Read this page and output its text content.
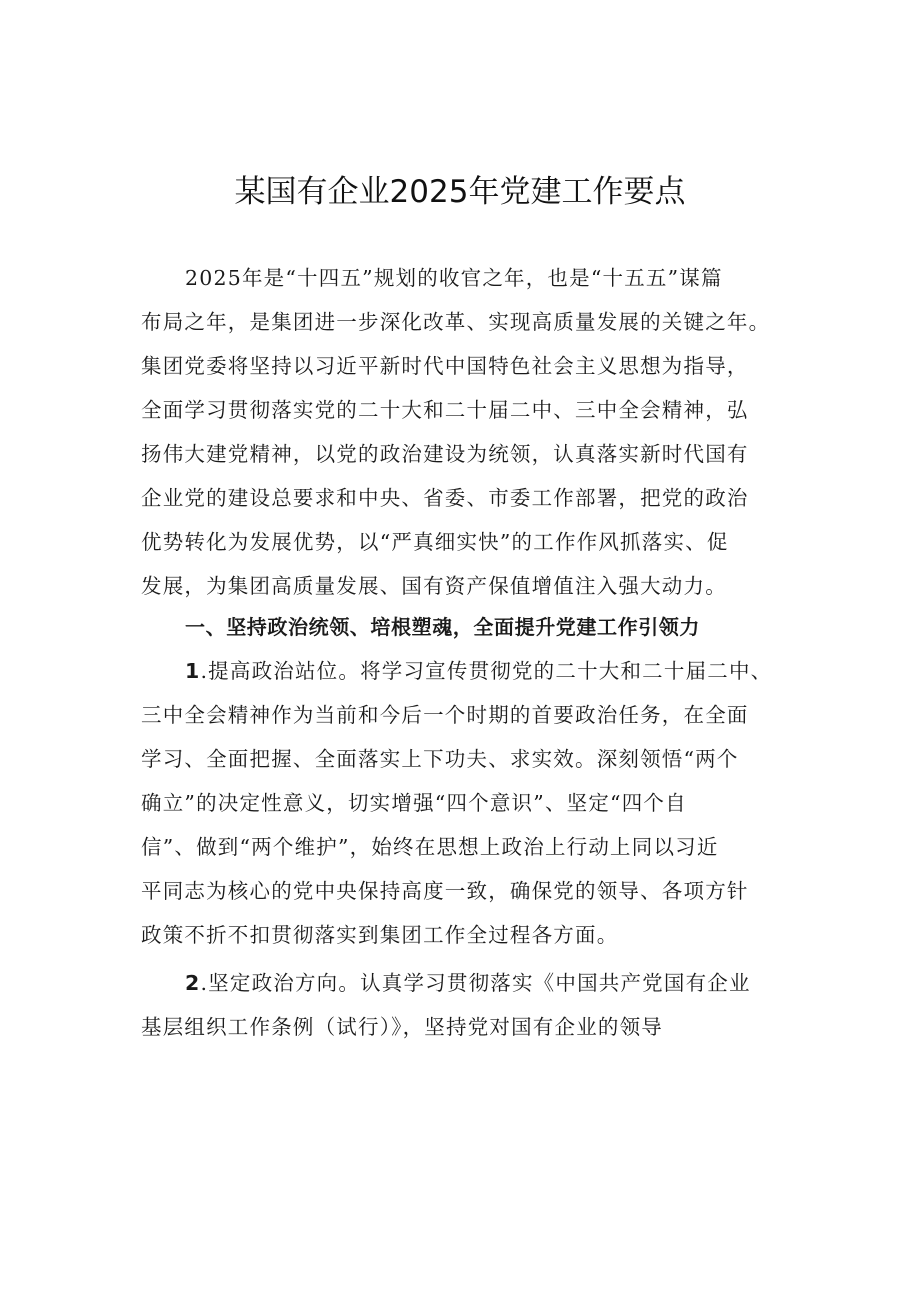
某国有企业2025年党建工作要点

2025年是“十四五”规划的收官之年，也是“十五五”谋篇

布局之年，是集团进一步深化改革、实现高质量发展的关键之年。

集团党委将坚持以习近平新时代中国特色社会主义思想为指导，

全面学习贯彻落实党的二十大和二十届二中、三中全会精神，弘

扬伟大建党精神，以党的政治建设为统领，认真落实新时代国有

企业党的建设总要求和中央、省委、市委工作部署，把党的政治

优势转化为发展优势，以“严真细实快”的工作作风抓落实、促

发展，为集团高质量发展、国有资产保值增值注入强大动力。

一、坚持政治统领、培根塑魂，全面提升党建工作引领力

1.提高政治站位。将学习宣传贯彻党的二十大和二十届二中、

三中全会精神作为当前和今后一个时期的首要政治任务，在全面

学习、全面把握、全面落实上下功夫、求实效。深刻领悟“两个

确立”的决定性意义，切实增强“四个意识”、坚定“四个自

信”、做到“两个维护”，始终在思想上政治上行动上同以习近

平同志为核心的党中央保持高度一致，确保党的领导、各项方针

政策不折不扣贯彻落实到集团工作全过程各方面。

2.坚定政治方向。认真学习贯彻落实《中国共产党国有企业

基层组织工作条例（试行）》，坚持党对国有企业的领导
